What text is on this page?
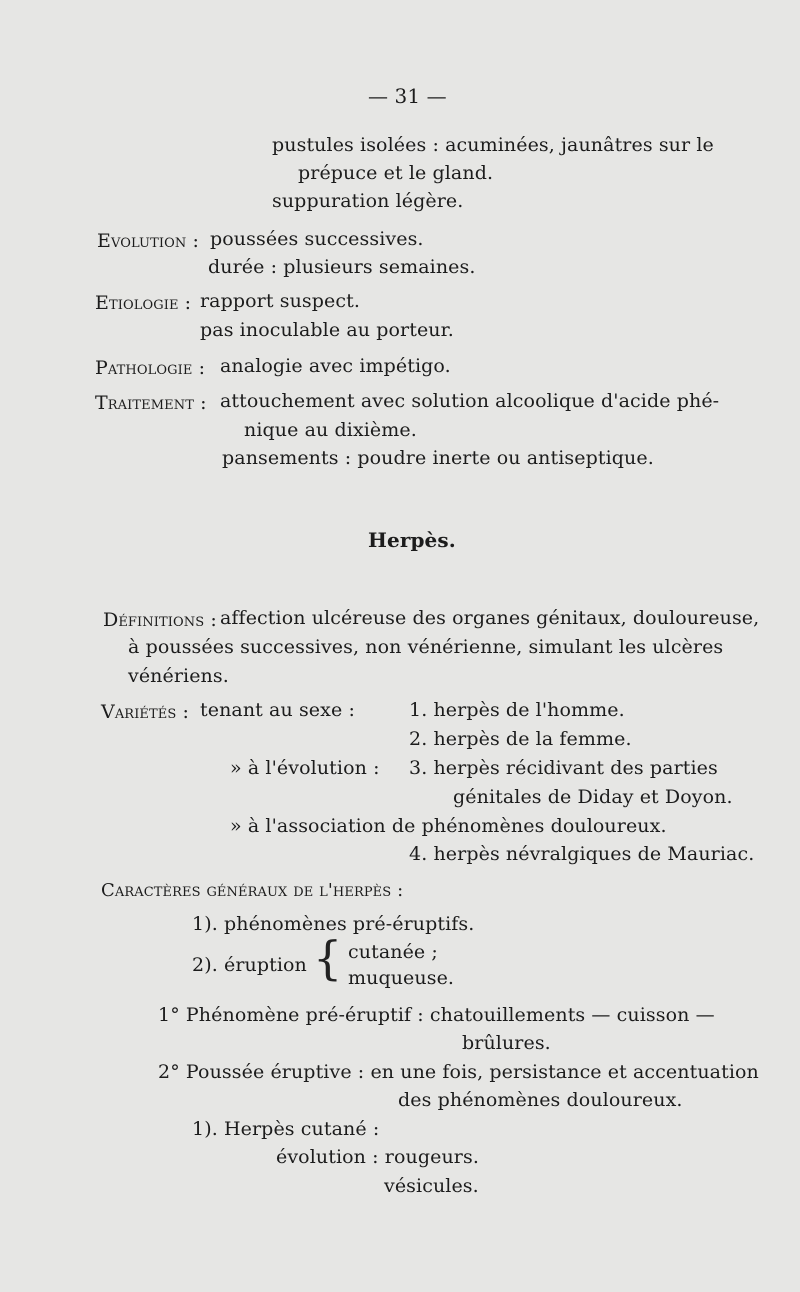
— 31 —
pustules isolées : acuminées, jaunâtres sur le
prépuce et le gland.
suppuration légère.
Evolution : poussées successives.
durée : plusieurs semaines.
Etiologie : rapport suspect.
pas inoculable au porteur.
Pathologie : analogie avec impétigo.
Traitement : attouchement avec solution alcoolique d'acide phé-
nique au dixième.
pansements : poudre inerte ou antiseptique.
Herpès.
Définitions : affection ulcéreuse des organes génitaux, douloureuse,
à poussées successives, non vénérienne, simulant les ulcères
vénériens.
Variétés : tenant au sexe :	1. herpès de l'homme.
2. herpès de la femme.
» à l'évolution : 3. herpès récidivant des parties
génitales de Diday et Doyon.
» à l'association de phénomènes douloureux.
4. herpès névralgiques de Mauriac.
Caractères généraux de l'herpès :
1). phénomènes pré-éruptifs.
2). éruption { cutanée ;
muqueuse.
1° Phénomène pré-éruptif : chatouillements — cuisson —
brûlures.
2° Poussée éruptive : en une fois, persistance et accentuation
des phénomènes douloureux.
1). Herpès cutané :
évolution : rougeurs.
vésicules.
